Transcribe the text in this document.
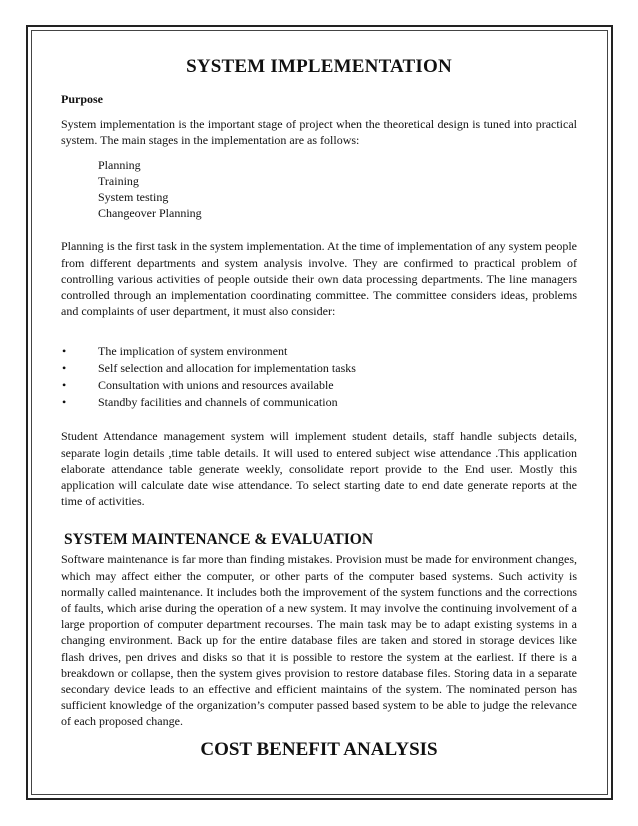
SYSTEM IMPLEMENTATION
Purpose

System implementation is the important stage of project when the theoretical design is tuned into practical system. The main stages in the implementation are as follows:

Planning
Training
System testing
Changeover Planning

Planning is the first task in the system implementation. At the time of implementation of any system people from different departments and system analysis involve. They are confirmed to practical problem of controlling various activities of people outside their own data processing departments. The line managers controlled through an implementation coordinating committee. The committee considers ideas, problems and complaints of user department, it must also consider:

•	The implication of system environment
•	Self selection and allocation for implementation tasks
•	Consultation with unions and resources available
•	Standby facilities and channels of communication

Student Attendance management system will implement student details, staff handle subjects details, separate login details ,time table details. It will used to entered subject wise attendance .This application elaborate attendance table generate weekly, consolidate report provide to the End user. Mostly this application will calculate date wise attendance. To select starting date to end date generate reports at the time of activities.

SYSTEM MAINTENANCE & EVALUATION

Software maintenance is far more than finding mistakes. Provision must be made for environment changes, which may affect either the computer, or other parts of the computer based systems. Such activity is normally called maintenance. It includes both the improvement of the system functions and the corrections of faults, which arise during the operation of a new system. It may involve the continuing involvement of a large proportion of computer department recourses. The main task may be to adapt existing systems in a changing environment. Back up for the entire database files are taken and stored in storage devices like flash drives, pen drives and disks so that it is possible to restore the system at the earliest. If there is a breakdown or collapse, then the system gives provision to restore database files. Storing data in a separate secondary device leads to an effective and efficient maintains of the system. The nominated person has sufficient knowledge of the organization’s computer passed based system to be able to judge the relevance of each proposed change.

COST BENEFIT ANALYSIS
